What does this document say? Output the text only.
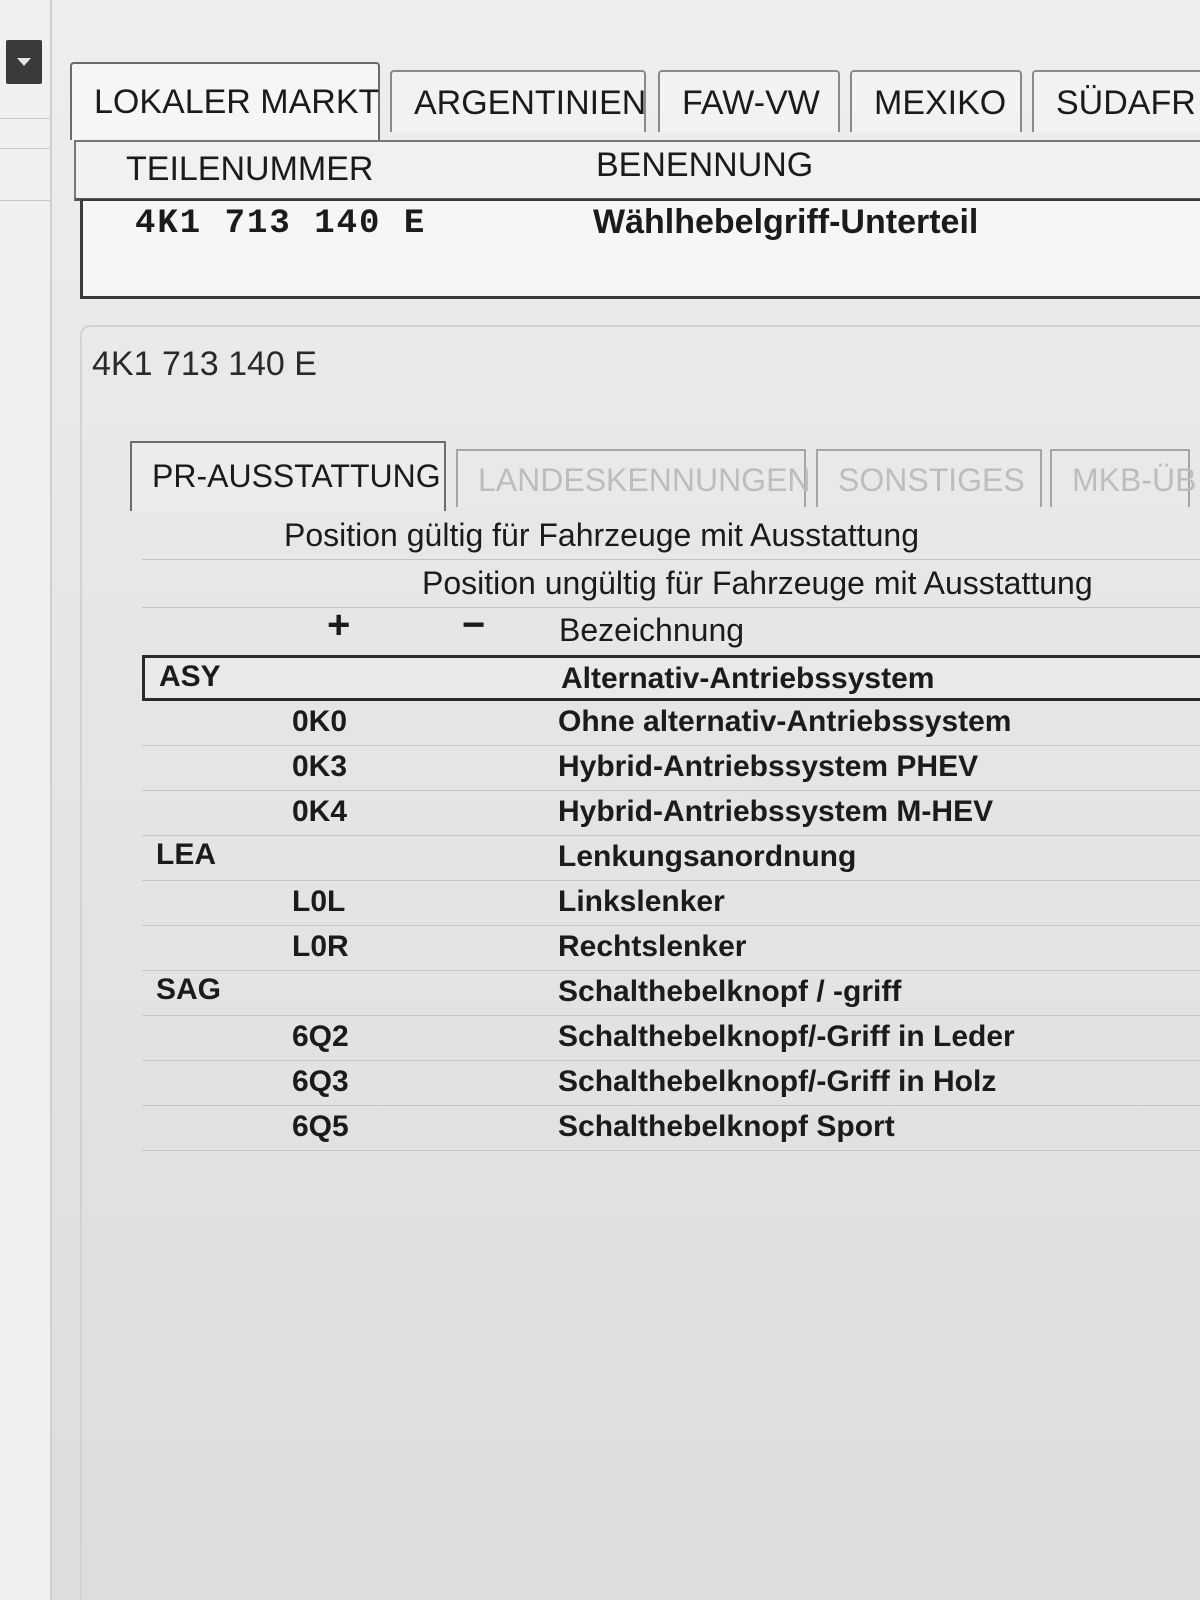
LOKALER MARKT	ARGENTINIEN	FAW-VW	MEXIKO	SÜDAFR
TEILENUMMER	BENENNUNG
4K1 713 140 E	Wählhebelgriff-Unterteil
4K1 713 140 E
PR-AUSSTATTUNG	LANDESKENNUNGEN SONSTIGES	MKB-ÜB
Position gültig für Fahrzeuge mit Ausstattung
Position ungültig für Fahrzeuge mit Ausstattung
+	− Bezeichnung
ASY	Alternativ-Antriebssystem
0K0	Ohne alternativ-Antriebssystem
0K3	Hybrid-Antriebssystem PHEV
0K4	Hybrid-Antriebssystem M-HEV
LEA	Lenkungsanordnung
L0L	Linkslenker
L0R	Rechtslenker
SAG	Schalthebelknopf / -griff
6Q2	Schalthebelknopf/-Griff in Leder
6Q3	Schalthebelknopf/-Griff in Holz
6Q5	Schalthebelknopf Sport
